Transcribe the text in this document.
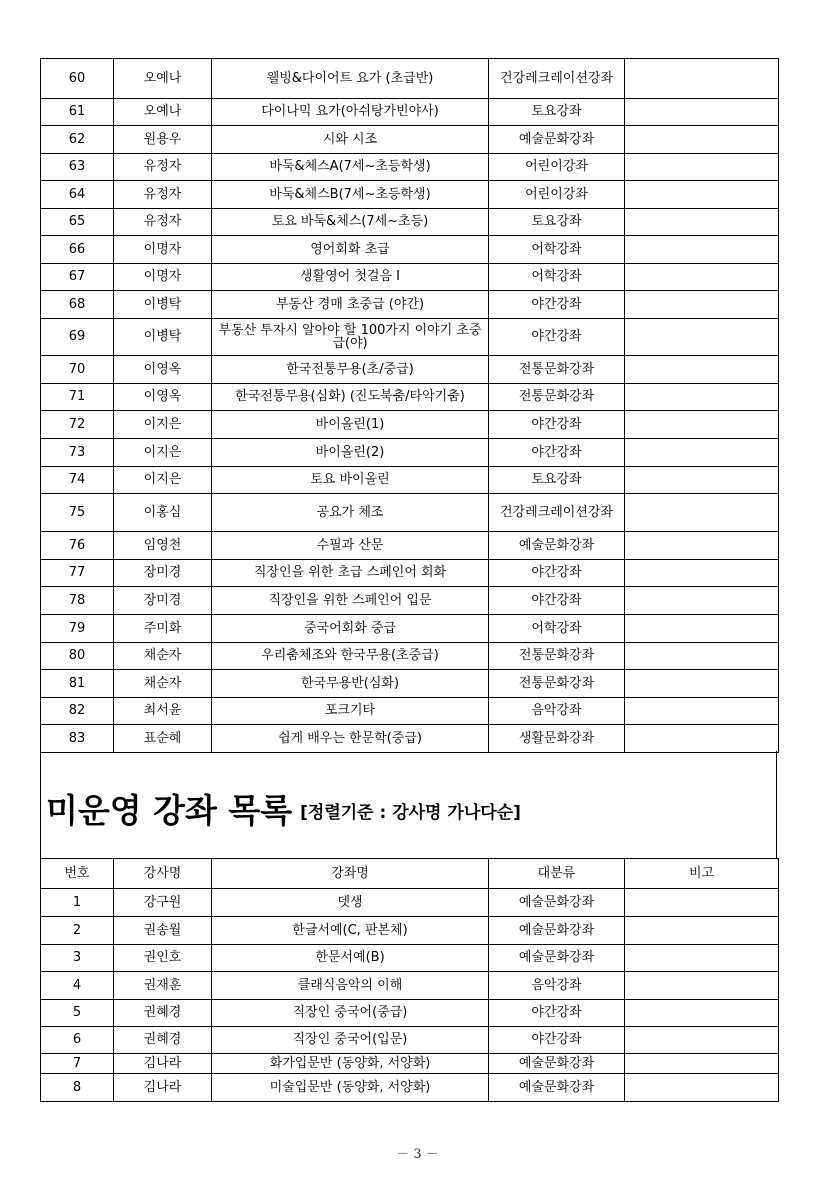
60	오예나	웰빙&다이어트 요가 (초급반)	건강레크레이션강좌	
61	오예나	다이나믹 요가(아쉬탕가빈야사)	토요강좌	
62	원용우	시와 시조	예술문화강좌	
63	유정자	바둑&체스A(7세~초등학생)	어린이강좌	
64	유정자	바둑&체스B(7세~초등학생)	어린이강좌	
65	유정자	토요 바둑&체스(7세~초등)	토요강좌	
66	이명자	영어회화 초급	어학강좌	
67	이명자	생활영어 첫걸음 I	어학강좌	
68	이병탁	부동산 경매 초중급 (야간)	야간강좌	
69	이병탁	부동산 투자시 알아야 할 100가지 이야기 초중급(야)	야간강좌	
70	이영옥	한국전통무용(초/중급)	전통문화강좌	
71	이영옥	한국전통무용(심화) (진도북춤/타악기춤)	전통문화강좌	
72	이지은	바이올린(1)	야간강좌	
73	이지은	바이올린(2)	야간강좌	
74	이지은	토요 바이올린	토요강좌	
75	이홍심	공요가 체조	건강레크레이션강좌	
76	임영천	수필과 산문	예술문화강좌	
77	장미경	직장인을 위한 초급 스페인어 회화	야간강좌	
78	장미경	직장인을 위한 스페인어 입문	야간강좌	
79	주미화	중국어회화 중급	어학강좌	
80	채순자	우리춤체조와 한국무용(초중급)	전통문화강좌	
81	채순자	한국무용반(심화)	전통문화강좌	
82	최서윤	포크기타	음악강좌	
83	표순혜	쉽게 배우는 한문학(중급)	생활문화강좌	
미운영 강좌 목록 [정렬기준 : 강사명 가나다순]
번호	강사명	강좌명	대분류	비고
1	강구원	뎃생	예술문화강좌	
2	권송월	한글서예(C, 판본체)	예술문화강좌	
3	권인호	한문서예(B)	예술문화강좌	
4	권재훈	클래식음악의 이해	음악강좌	
5	권혜경	직장인 중국어(중급)	야간강좌	
6	권혜경	직장인 중국어(입문)	야간강좌	
7	김나라	화가입문반 (동양화, 서양화)	예술문화강좌	
8	김나라	미술입문반 (동양화, 서양화)	예술문화강좌	
－ 3 －
